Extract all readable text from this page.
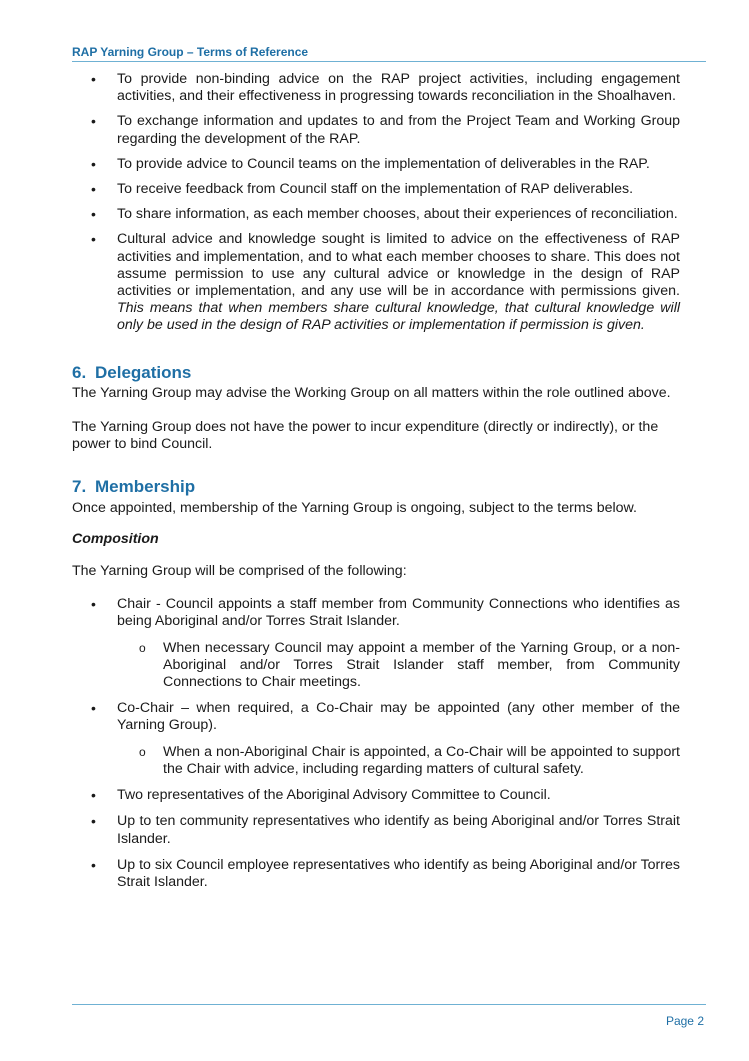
RAP Yarning Group – Terms of Reference
• To provide non-binding advice on the RAP project activities, including engagement activities, and their effectiveness in progressing towards reconciliation in the Shoalhaven.
• To exchange information and updates to and from the Project Team and Working Group regarding the development of the RAP.
• To provide advice to Council teams on the implementation of deliverables in the RAP.
• To receive feedback from Council staff on the implementation of RAP deliverables.
• To share information, as each member chooses, about their experiences of reconciliation.
• Cultural advice and knowledge sought is limited to advice on the effectiveness of RAP activities and implementation, and to what each member chooses to share. This does not assume permission to use any cultural advice or knowledge in the design of RAP activities or implementation, and any use will be in accordance with permissions given. This means that when members share cultural knowledge, that cultural knowledge will only be used in the design of RAP activities or implementation if permission is given.
6. Delegations

The Yarning Group may advise the Working Group on all matters within the role outlined above.

The Yarning Group does not have the power to incur expenditure (directly or indirectly), or the power to bind Council.

7. Membership

Once appointed, membership of the Yarning Group is ongoing, subject to the terms below.

Composition

The Yarning Group will be comprised of the following:

• Chair - Council appoints a staff member from Community Connections who identifies as being Aboriginal and/or Torres Strait Islander.
o When necessary Council may appoint a member of the Yarning Group, or a non-Aboriginal and/or Torres Strait Islander staff member, from Community Connections to Chair meetings.
• Co-Chair – when required, a Co-Chair may be appointed (any other member of the Yarning Group).
o When a non-Aboriginal Chair is appointed, a Co-Chair will be appointed to support the Chair with advice, including regarding matters of cultural safety.
• Two representatives of the Aboriginal Advisory Committee to Council.
• Up to ten community representatives who identify as being Aboriginal and/or Torres Strait Islander.
• Up to six Council employee representatives who identify as being Aboriginal and/or Torres Strait Islander.
Page 2
